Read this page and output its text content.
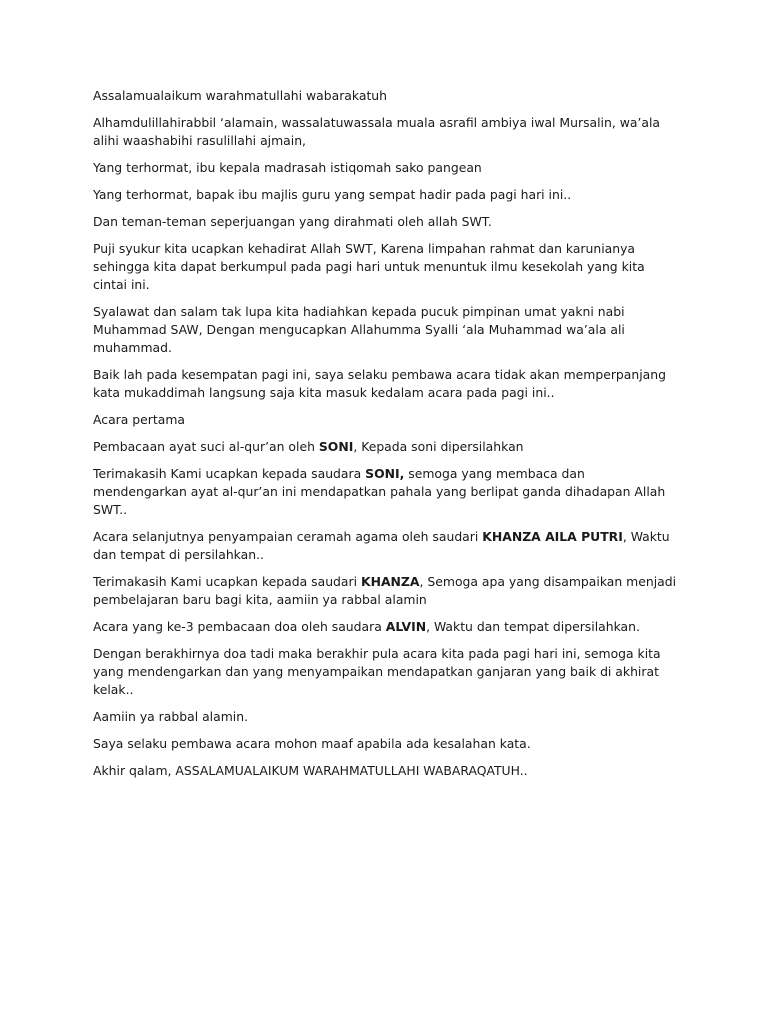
Assalamualaikum warahmatullahi wabarakatuh

Alhamdulillahirabbil ‘alamain, wassalatuwassala muala asrafil ambiya iwal Mursalin, wa’ala alihi waashabihi rasulillahi ajmain,

Yang terhormat, ibu kepala madrasah istiqomah sako pangean

Yang terhormat, bapak ibu majlis guru yang sempat hadir pada pagi hari ini..

Dan teman-teman seperjuangan yang dirahmati oleh allah SWT.

Puji syukur kita ucapkan kehadirat Allah SWT, Karena limpahan rahmat dan karunianya sehingga kita dapat berkumpul pada pagi hari untuk menuntuk ilmu kesekolah yang kita cintai ini.

Syalawat dan salam tak lupa kita hadiahkan kepada pucuk pimpinan umat yakni nabi Muhammad SAW, Dengan mengucapkan Allahumma Syalli ‘ala Muhammad wa’ala ali muhammad.

Baik lah pada kesempatan pagi ini, saya selaku pembawa acara tidak akan memperpanjang kata mukaddimah langsung saja kita masuk kedalam acara pada pagi ini..

Acara pertama

Pembacaan ayat suci al-qur’an oleh SONI, Kepada soni dipersilahkan

Terimakasih Kami ucapkan kepada saudara SONI, semoga yang membaca dan mendengarkan ayat al-qur’an ini mendapatkan pahala yang berlipat ganda dihadapan Allah SWT..

Acara selanjutnya penyampaian ceramah agama oleh saudari KHANZA AILA PUTRI, Waktu dan tempat di persilahkan..

Terimakasih Kami ucapkan kepada saudari KHANZA, Semoga apa yang disampaikan menjadi pembelajaran baru bagi kita, aamiin ya rabbal alamin

Acara yang ke-3 pembacaan doa oleh saudara ALVIN, Waktu dan tempat dipersilahkan.

Dengan berakhirnya doa tadi maka berakhir pula acara kita pada pagi hari ini, semoga kita yang mendengarkan dan yang menyampaikan mendapatkan ganjaran yang baik di akhirat kelak..

Aamiin ya rabbal alamin.

Saya selaku pembawa acara mohon maaf apabila ada kesalahan kata.

Akhir qalam, ASSALAMUALAIKUM WARAHMATULLAHI WABARAQATUH..
